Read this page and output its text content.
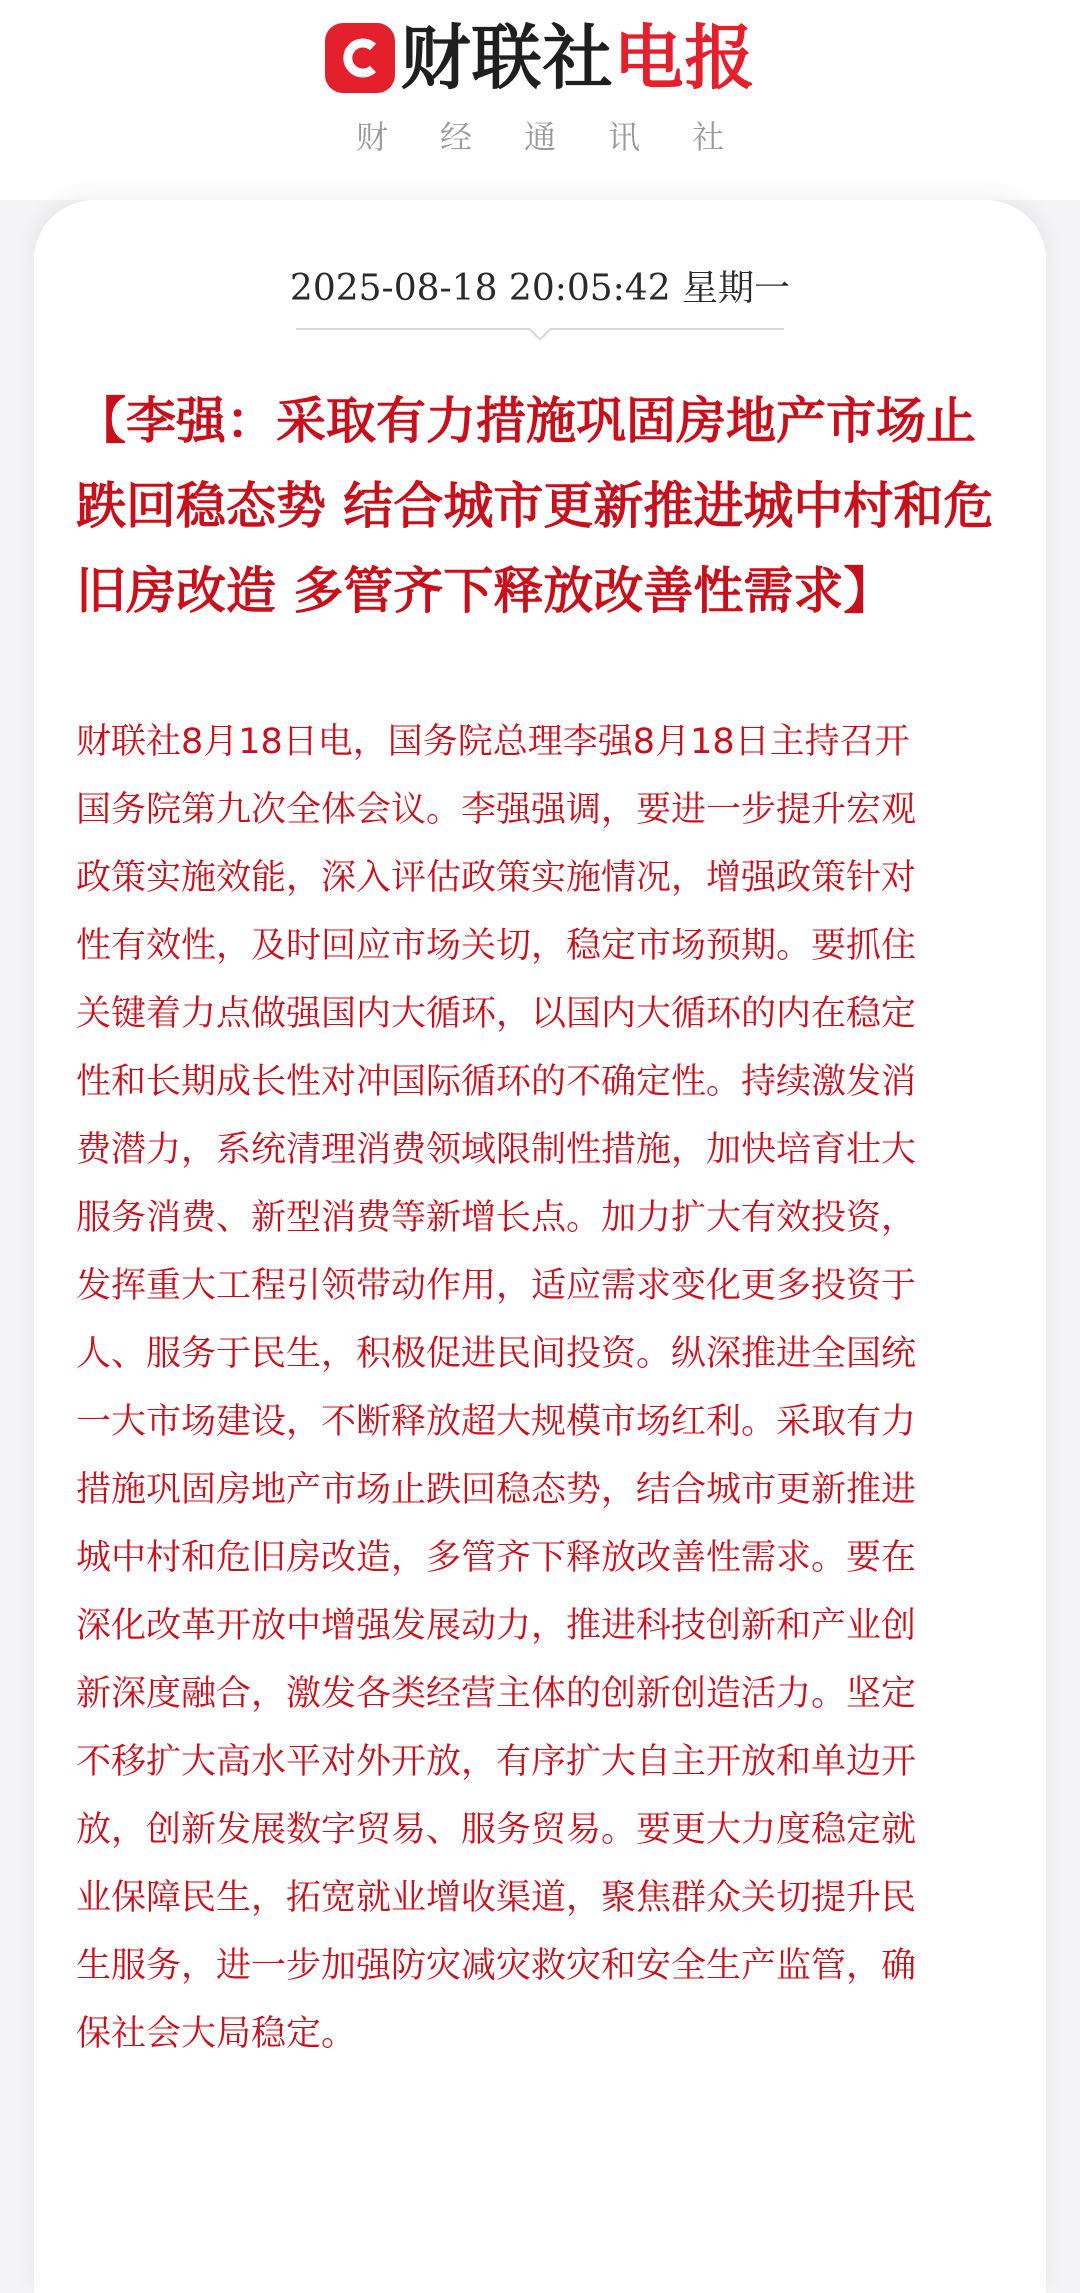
财联社电报
财经通讯社
2025-08-18 20:05:42 星期一
【李强：采取有力措施巩固房地产市场止跌回稳态势 结合城市更新推进城中村和危旧房改造 多管齐下释放改善性需求】

财联社8月18日电，国务院总理李强8月18日主持召开国务院第九次全体会议。李强强调，要进一步提升宏观政策实施效能，深入评估政策实施情况，增强政策针对性有效性，及时回应市场关切，稳定市场预期。要抓住关键着力点做强国内大循环，以国内大循环的内在稳定性和长期成长性对冲国际循环的不确定性。持续激发消费潜力，系统清理消费领域限制性措施，加快培育壮大服务消费、新型消费等新增长点。加力扩大有效投资，发挥重大工程引领带动作用，适应需求变化更多投资于人、服务于民生，积极促进民间投资。纵深推进全国统一大市场建设，不断释放超大规模市场红利。采取有力措施巩固房地产市场止跌回稳态势，结合城市更新推进城中村和危旧房改造，多管齐下释放改善性需求。要在深化改革开放中增强发展动力，推进科技创新和产业创新深度融合，激发各类经营主体的创新创造活力。坚定不移扩大高水平对外开放，有序扩大自主开放和单边开放，创新发展数字贸易、服务贸易。要更大力度稳定就业保障民生，拓宽就业增收渠道，聚焦群众关切提升民生服务，进一步加强防灾减灾救灾和安全生产监管，确保社会大局稳定。
